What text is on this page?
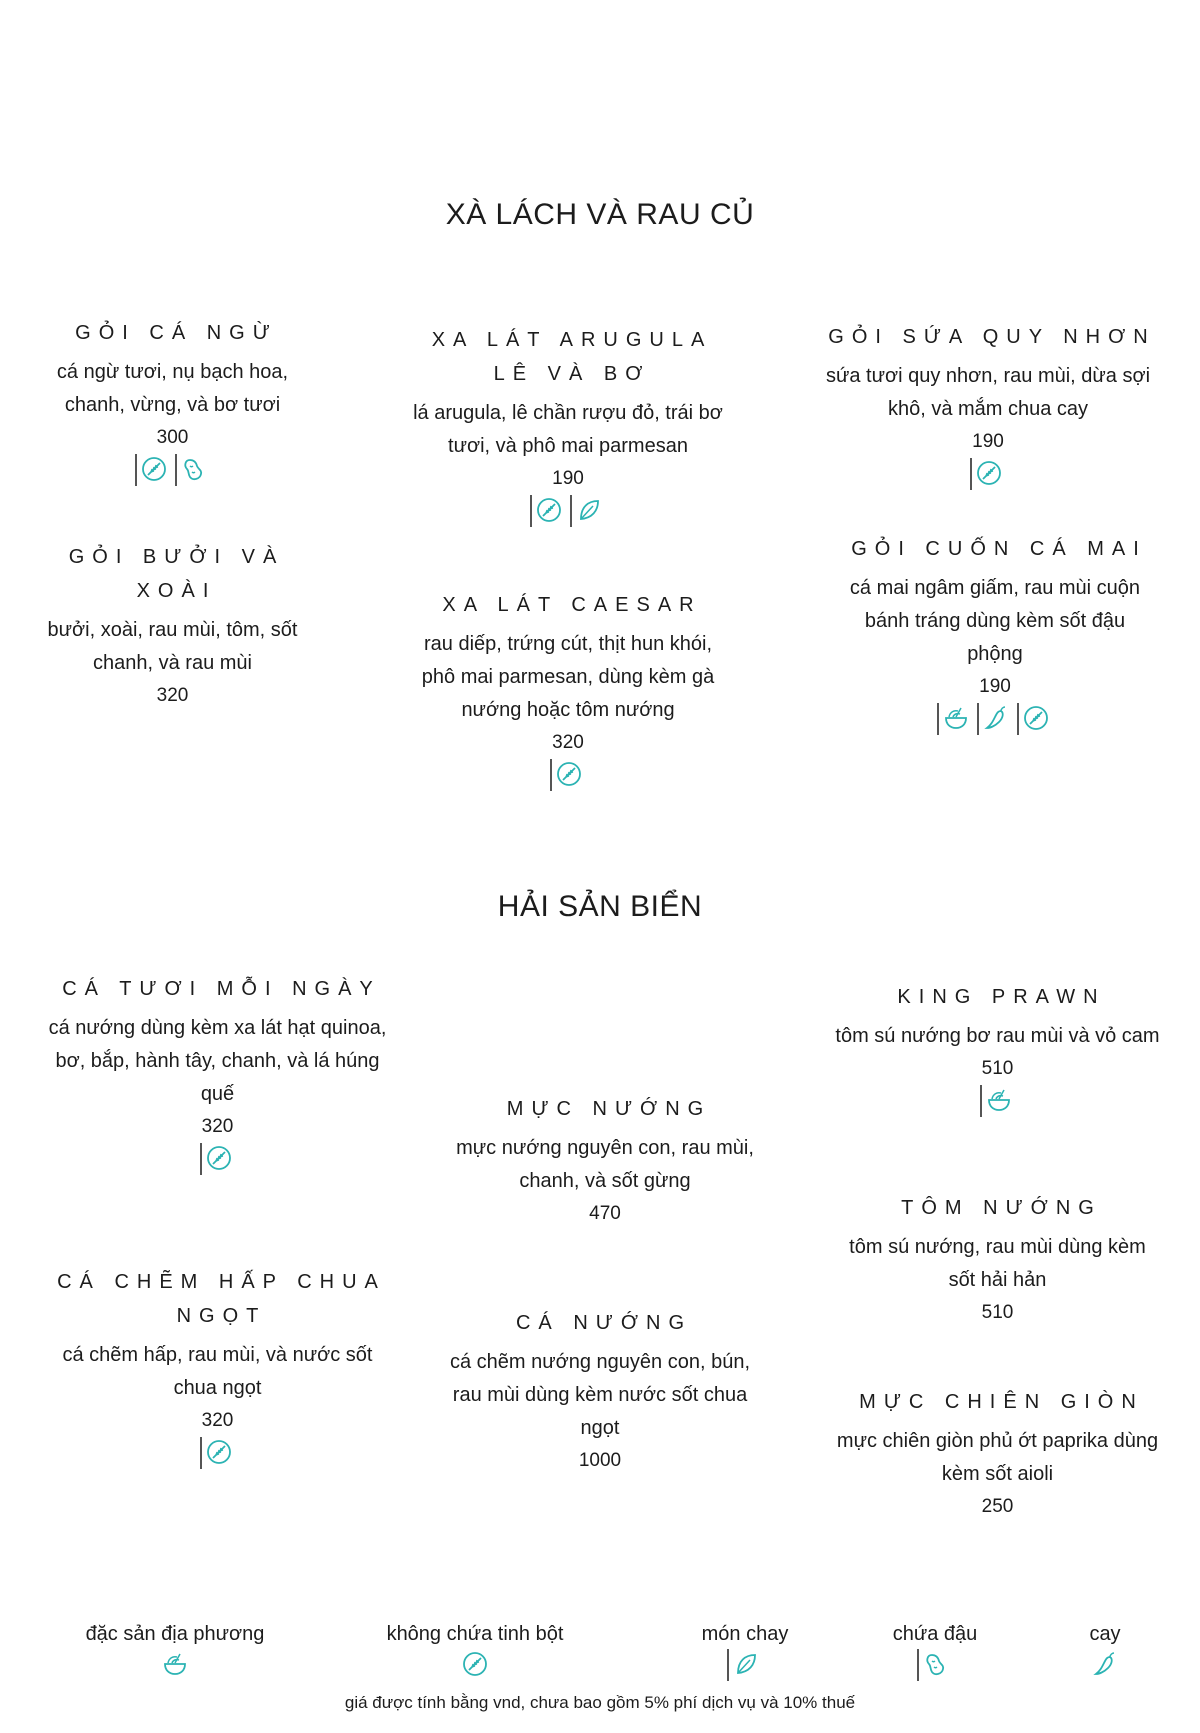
XÀ LÁCH VÀ RAU CỦ
GỎI CÁ NGỪ
cá ngừ tươi, nụ bạch hoa, chanh, vừng, và bơ tươi
300
XA LÁT ARUGULA LÊ VÀ BƠ
lá arugula, lê chần rượu đỏ, trái bơ tươi, và phô mai parmesan
190
GỎI SỨA QUY NHƠN
sứa tươi quy nhơn, rau mùi, dừa sợi khô, và mắm chua cay
190
GỎI BƯỞI VÀ XOÀI
bưởi, xoài, rau mùi, tôm, sốt chanh, và rau mùi
320
XA LÁT CAESAR
rau diếp, trứng cút, thịt hun khói, phô mai parmesan, dùng kèm gà nướng hoặc tôm nướng
320
GỎI CUỐN CÁ MAI
cá mai ngâm giấm, rau mùi cuộn bánh tráng dùng kèm sốt đậu phộng
190
HẢI SẢN BIỂN
CÁ TƯƠI MỖI NGÀY
cá nướng dùng kèm xa lát hạt quinoa, bơ, bắp, hành tây, chanh, và lá húng quế
320
MỰC NƯỚNG
mực nướng nguyên con, rau mùi, chanh, và sốt gừng
470
KING PRAWN
tôm sú nướng bơ rau mùi và vỏ cam
510
TÔM NƯỚNG
tôm sú nướng, rau mùi dùng kèm sốt hải hản
510
CÁ CHẼM HẤP CHUA NGỌT
cá chẽm hấp, rau mùi, và nước sốt chua ngọt
320
CÁ NƯỚNG
cá chẽm nướng nguyên con, bún, rau mùi dùng kèm nước sốt chua ngọt
1000
MỰC CHIÊN GIÒN
mực chiên giòn phủ ớt paprika dùng kèm sốt aioli
250
đặc sản địa phương	không chứa tinh bột	món chay	chứa đậu	cay
giá được tính bằng vnd, chưa bao gồm 5% phí dịch vụ và 10% thuế
